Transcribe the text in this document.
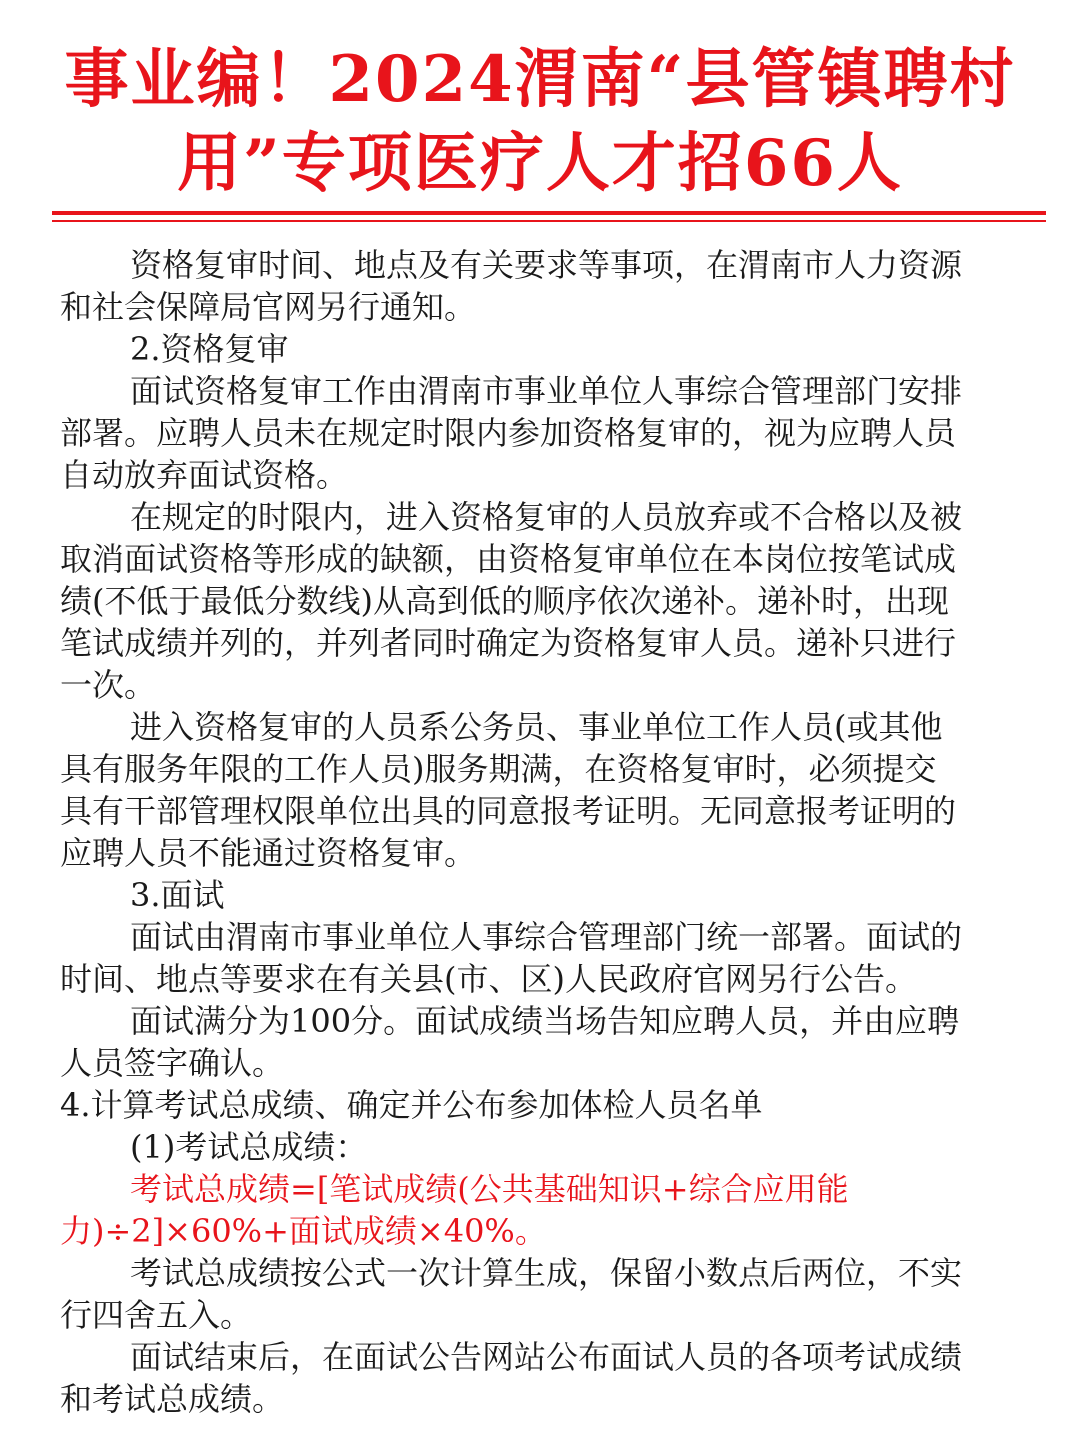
事业编！2024渭南“县管镇聘村
用”专项医疗人才招66人

资格复审时间、地点及有关要求等事项，在渭南市人力资源

和社会保障局官网另行通知。

2.资格复审

面试资格复审工作由渭南市事业单位人事综合管理部门安排

部署。应聘人员未在规定时限内参加资格复审的，视为应聘人员

自动放弃面试资格。

在规定的时限内，进入资格复审的人员放弃或不合格以及被

取消面试资格等形成的缺额，由资格复审单位在本岗位按笔试成

绩(不低于最低分数线)从高到低的顺序依次递补。递补时，出现

笔试成绩并列的，并列者同时确定为资格复审人员。递补只进行

一次。

进入资格复审的人员系公务员、事业单位工作人员(或其他

具有服务年限的工作人员)服务期满，在资格复审时，必须提交

具有干部管理权限单位出具的同意报考证明。无同意报考证明的

应聘人员不能通过资格复审。

3.面试

面试由渭南市事业单位人事综合管理部门统一部署。面试的

时间、地点等要求在有关县(市、区)人民政府官网另行公告。

面试满分为100分。面试成绩当场告知应聘人员，并由应聘

人员签字确认。

4.计算考试总成绩、确定并公布参加体检人员名单

(1)考试总成绩：

考试总成绩=[笔试成绩(公共基础知识+综合应用能

力)÷2]×60%+面试成绩×40%。

考试总成绩按公式一次计算生成，保留小数点后两位，不实

行四舍五入。

面试结束后，在面试公告网站公布面试人员的各项考试成绩

和考试总成绩。
